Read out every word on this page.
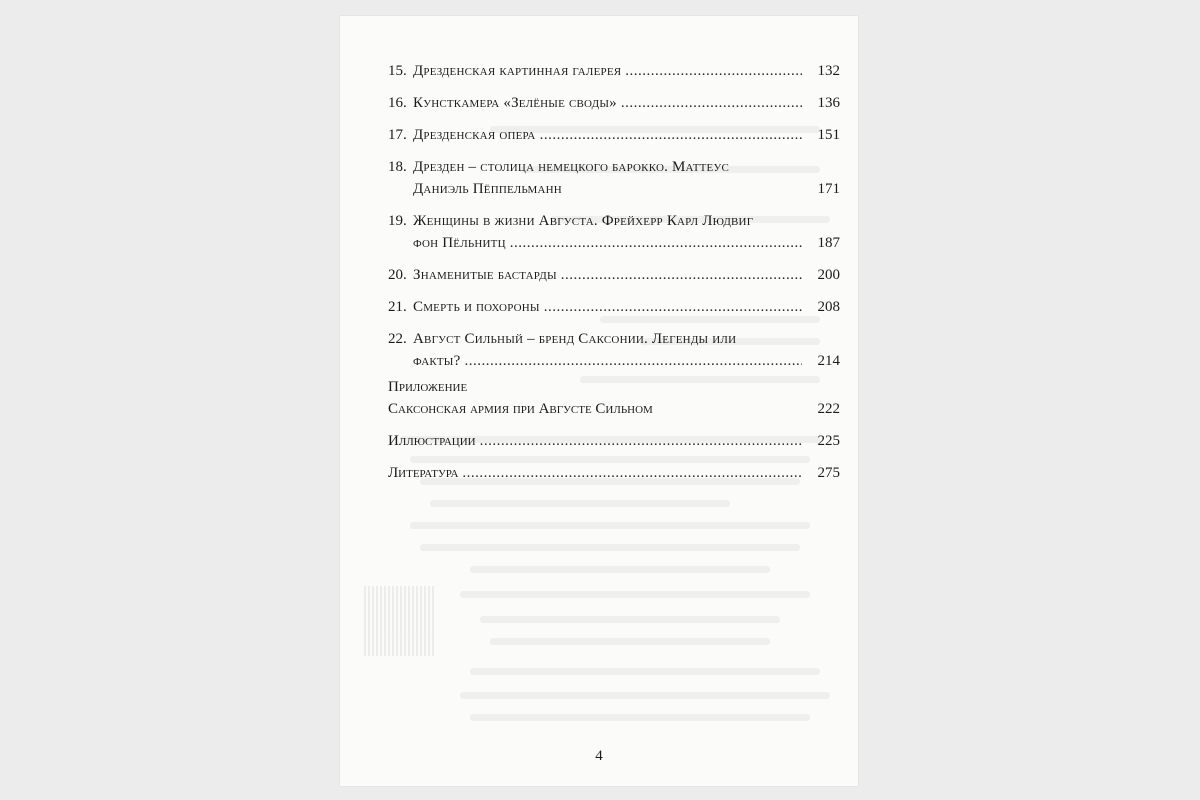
15. Дрезденская картинная галерея .....	132
16. Кунсткамера «Зелёные своды» .....	136
17. Дрезденская опера .....	151
18. Дрезден – столица немецкого барокко. Маттеус
Даниэль Пёппельманн	171
19. Женщины в жизни Августа. Фрейхерр Карл Людвиг
фон Пёльнитц .....	187
20. Знаменитые бастарды .....	200
21. Смерть и похороны .....	208
22. Август Сильный – бренд Саксонии. Легенды или
факты? .....	214
Приложение
Саксонская армия при Августе Сильном	222
Иллюстрации .....	225
Литература .....	275
4
